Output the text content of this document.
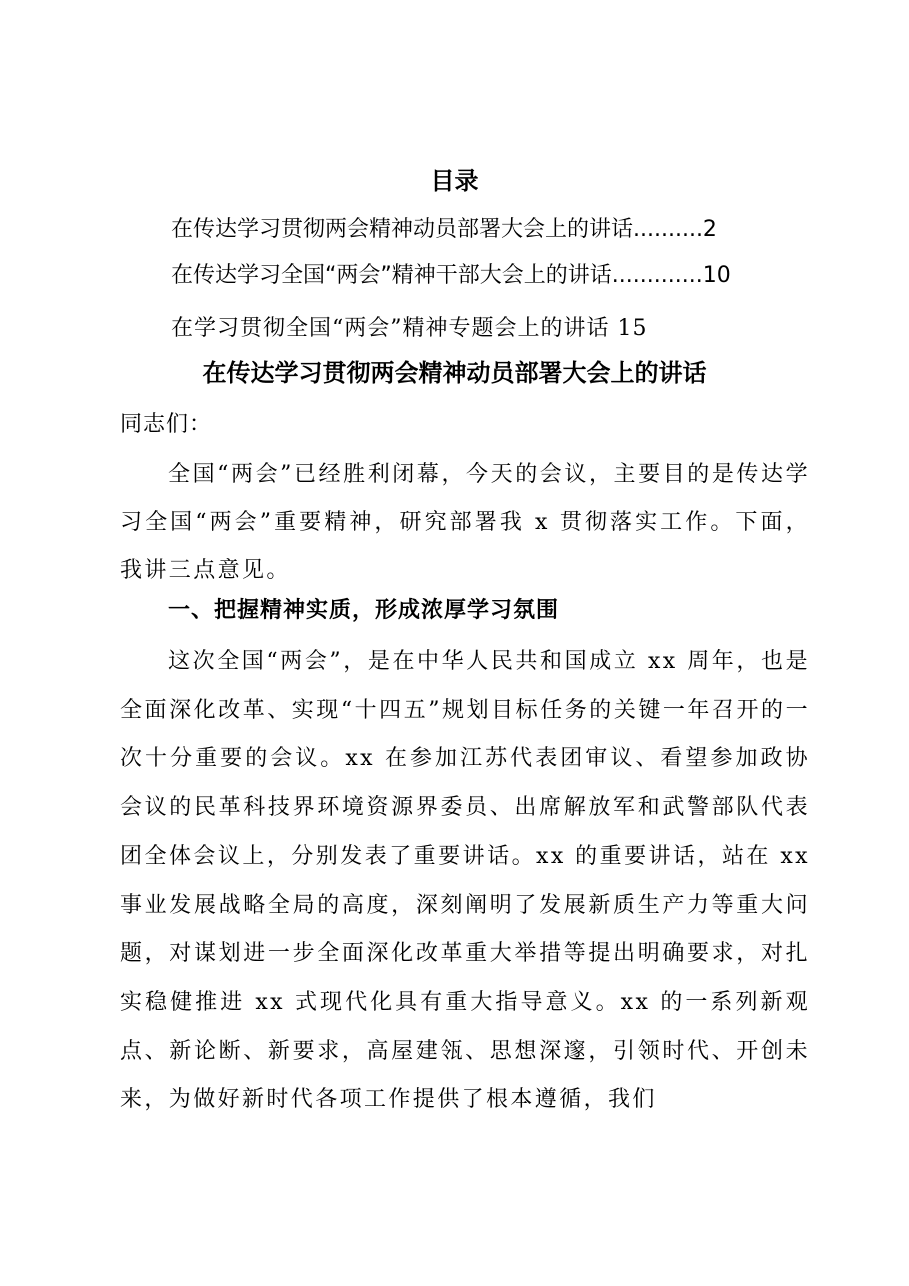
目录
在传达学习贯彻两会精神动员部署大会上的讲话..........2
在传达学习全国“两会”精神干部大会上的讲话.............10
在学习贯彻全国“两会”精神专题会上的讲话 15
在传达学习贯彻两会精神动员部署大会上的讲话
同志们：
全国“两会”已经胜利闭幕，今天的会议，主要目的是传达学习全国“两会”重要精神，研究部署我 x 贯彻落实工作。下面，我讲三点意见。
一、把握精神实质，形成浓厚学习氛围
这次全国“两会”，是在中华人民共和国成立 xx 周年，也是全面深化改革、实现“十四五”规划目标任务的关键一年召开的一次十分重要的会议。xx 在参加江苏代表团审议、看望参加政协会议的民革科技界环境资源界委员、出席解放军和武警部队代表团全体会议上，分别发表了重要讲话。xx 的重要讲话，站在 xx 事业发展战略全局的高度，深刻阐明了发展新质生产力等重大问题，对谋划进一步全面深化改革重大举措等提出明确要求，对扎实稳健推进 xx 式现代化具有重大指导意义。xx 的一系列新观点、新论断、新要求，高屋建瓴、思想深邃，引领时代、开创未来，为做好新时代各项工作提供了根本遵循，我们
